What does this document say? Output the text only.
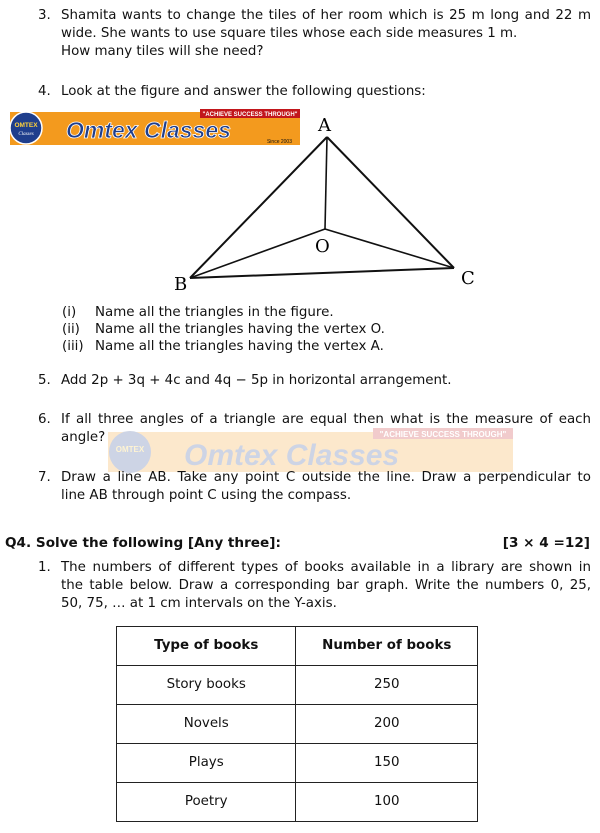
3. Shamita wants to change the tiles of her room which is 25 m long and 22 m
wide. She wants to use square tiles whose each side measures 1 m.
How many tiles will she need?
4. Look at the figure and answer the following questions:
"ACHIEVE SUCCESS THROUGH"
OMTEX
Classes Omtex Classes	Since 2003
A
O
B	C
(i) Name all the triangles in the figure.
(ii) Name all the triangles having the vertex O.
(iii) Name all the triangles having the vertex A.
5. Add 2p + 3q + 4c and 4q − 5p in horizontal arrangement.
"ACHIEVE SUCCESS THROUGH"
OMTEX Omtex Classes
6. If all three angles of a triangle are equal then what is the measure of each
angle?
7. Draw a line AB. Take any point C outside the line. Draw a perpendicular to
line AB through point C using the compass.
Q4. Solve the following [Any three]:	[3 × 4 =12]
1. The numbers of different types of books available in a library are shown in
the table below. Draw a corresponding bar graph. Write the numbers 0, 25,
50, 75, … at 1 cm intervals on the Y-axis.
Type of books	Number of books
Story books	250
Novels	200
Plays	150
Poetry	100
